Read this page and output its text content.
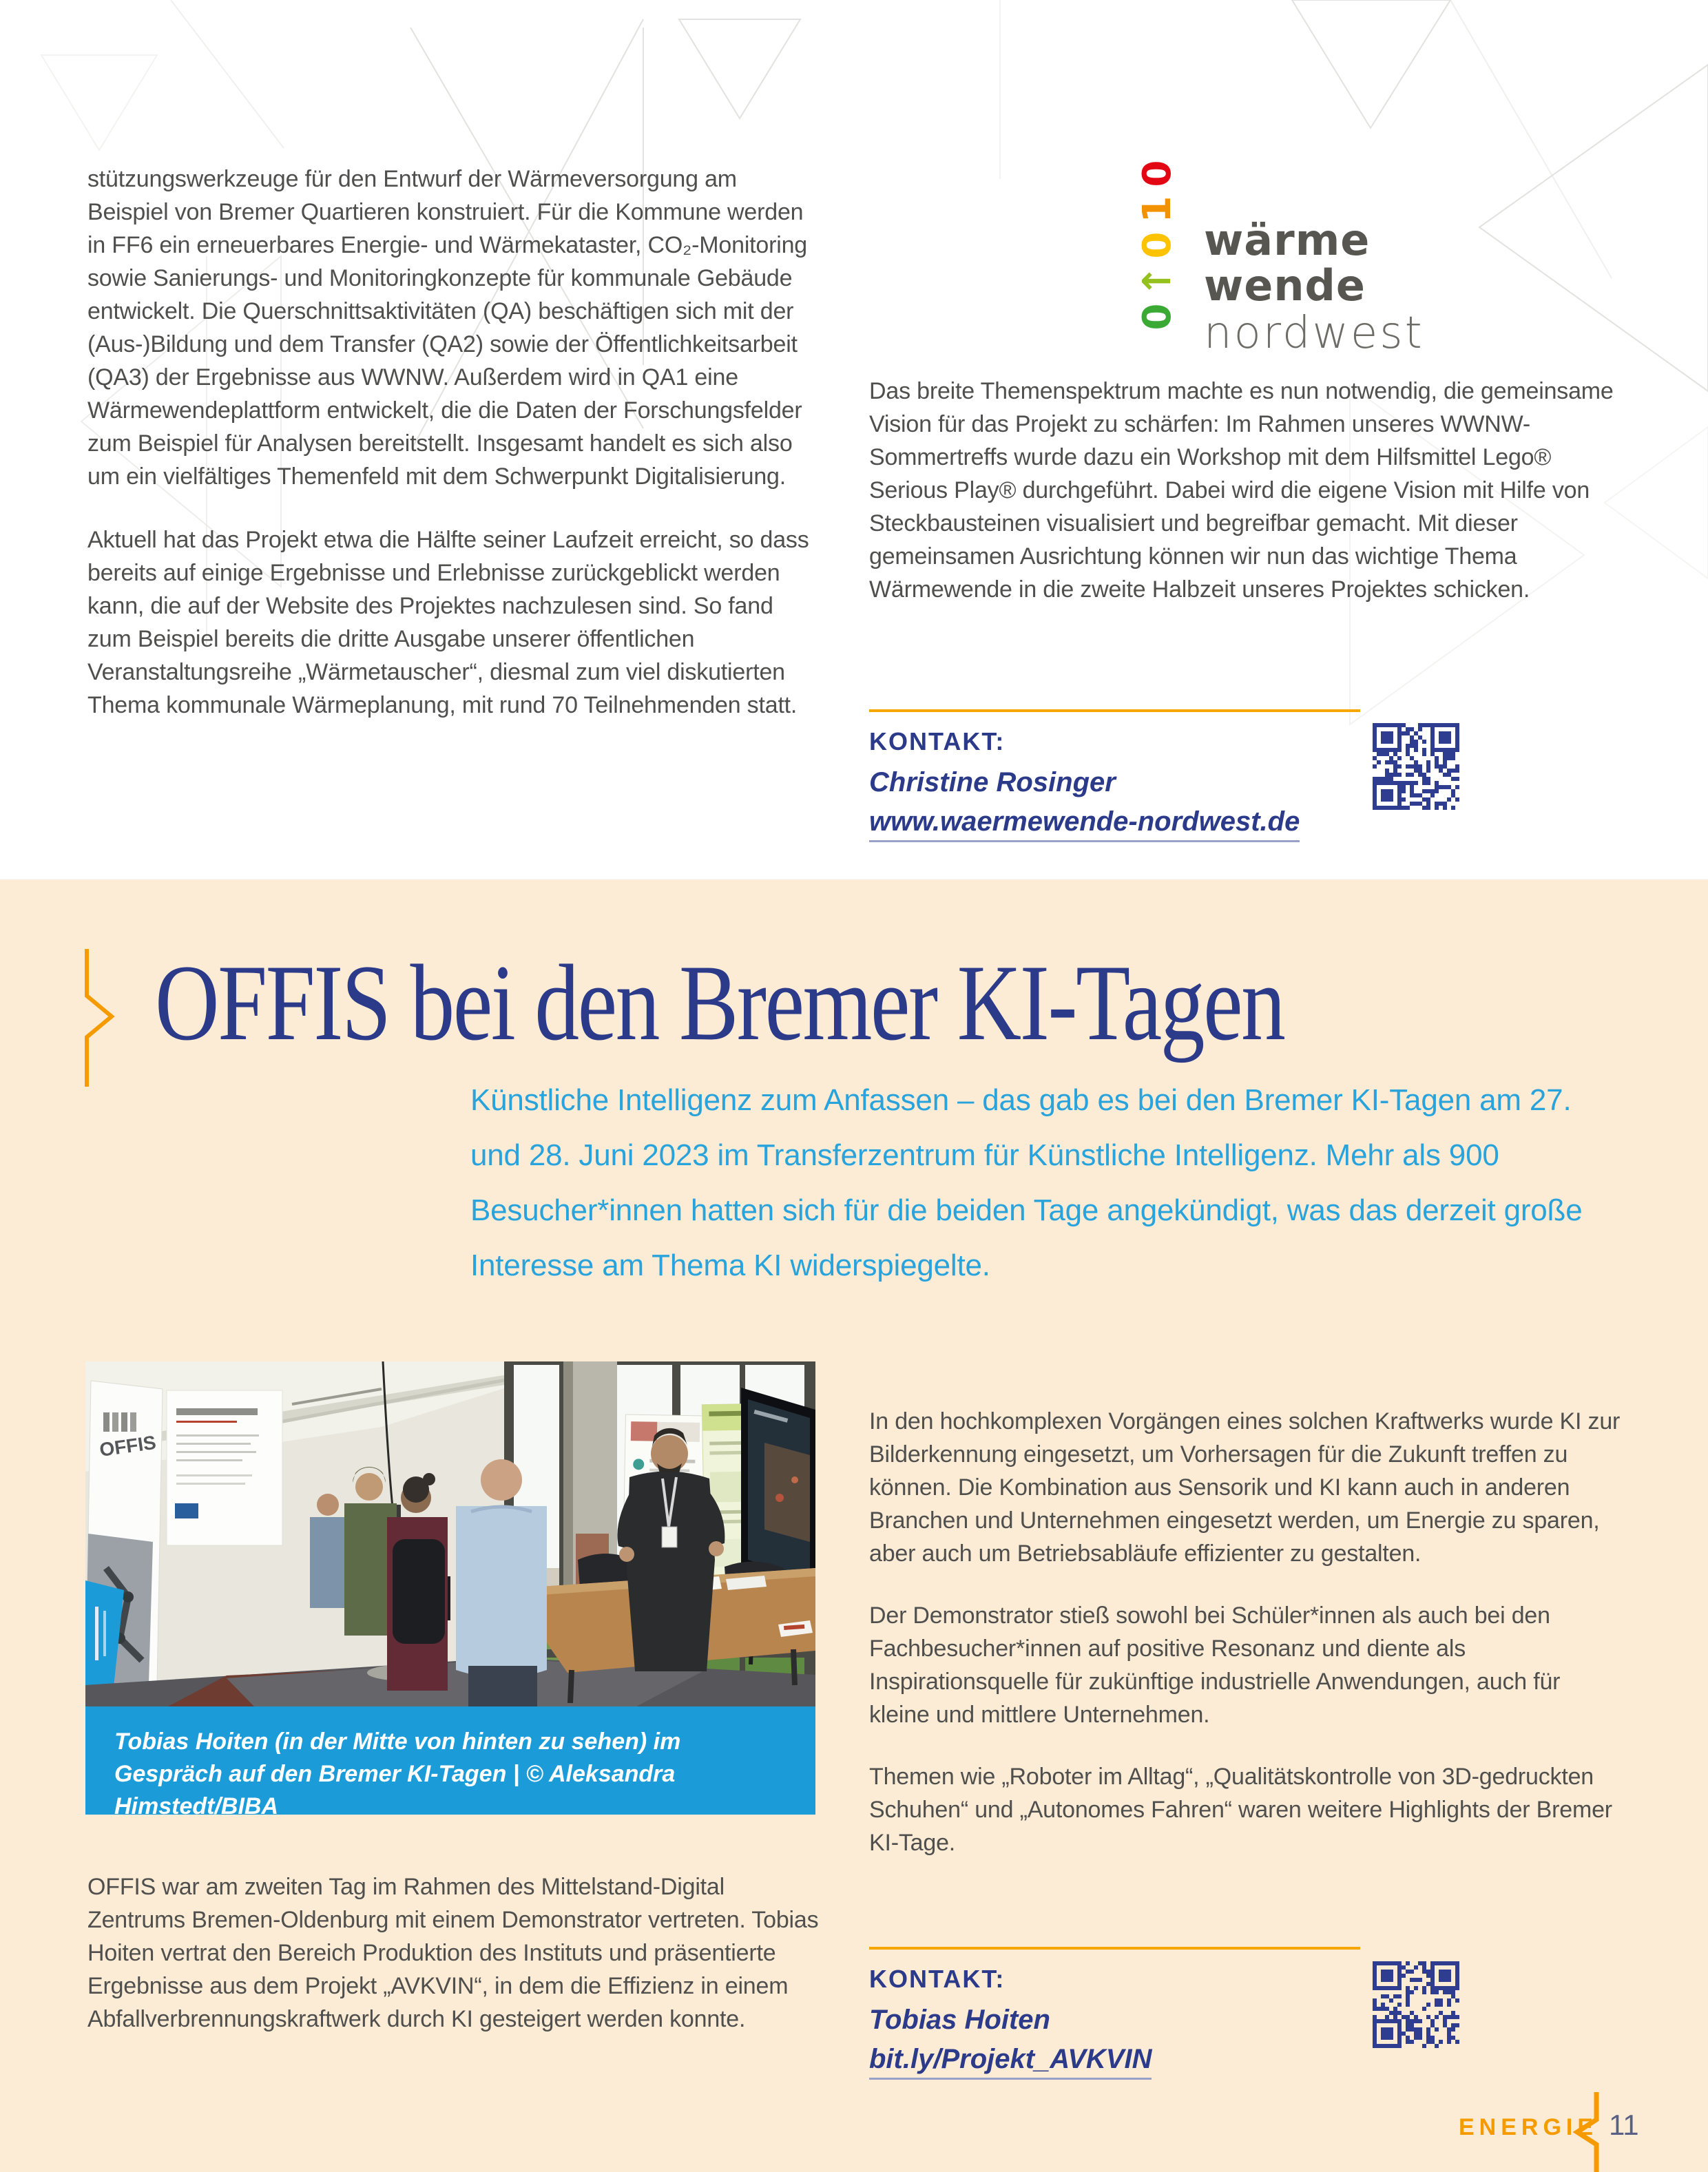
stützungswerkzeuge für den Entwurf der Wärmeversorgung am Beispiel von Bremer Quartieren konstruiert. Für die Kommune werden in FF6 ein erneuerbares Energie- und Wärmekataster, CO₂-Monitoring sowie Sanierungs- und Monitoringkonzepte für kommunale Gebäude entwickelt. Die Querschnittsaktivitäten (QA) beschäftigen sich mit der (Aus-)Bildung und dem Transfer (QA2) sowie der Öffentlichkeitsarbeit (QA3) der Ergebnisse aus WWNW. Außerdem wird in QA1 eine Wärmewendeplattform entwickelt, die die Daten der Forschungsfelder zum Beispiel für Analysen bereitstellt. Insgesamt handelt es sich also um ein vielfältiges Themenfeld mit dem Schwerpunkt Digitalisierung.

Aktuell hat das Projekt etwa die Hälfte seiner Laufzeit erreicht, so dass bereits auf einige Ergebnisse und Erlebnisse zurückgeblickt werden kann, die auf der Website des Projektes nachzulesen sind. So fand zum Beispiel bereits die dritte Ausgabe unserer öffentlichen Veranstaltungsreihe „Wärmetauscher“, diesmal zum viel diskutierten Thema kommunale Wärmeplanung, mit rund 70 Teilnehmenden statt.

0
1
0
↑
0
wärme
wende
nordwest

Das breite Themenspektrum machte es nun notwendig, die gemeinsame Vision für das Projekt zu schärfen: Im Rahmen unseres WWNW-Sommertreffs wurde dazu ein Workshop mit dem Hilfsmittel Lego® Serious Play® durchgeführt. Dabei wird die eigene Vision mit Hilfe von Steckbausteinen visualisiert und begreifbar gemacht. Mit dieser gemeinsamen Ausrichtung können wir nun das wichtige Thema Wärmewende in die zweite Halbzeit unseres Projektes schicken.

KONTAKT:
Christine Rosinger
www.waermewende-nordwest.de
OFFIS bei den Bremer KI-Tagen
Künstliche Intelligenz zum Anfassen – das gab es bei den Bremer KI-Tagen am 27. und 28. Juni 2023 im Transferzentrum für Künstliche Intelligenz. Mehr als 900 Besucher*innen hatten sich für die beiden Tage angekündigt, was das derzeit große Interesse am Thema KI widerspiegelte.
OFFIS
Tobias Hoiten (in der Mitte von hinten zu sehen) im Gespräch auf den Bremer KI-Tagen | © Aleksandra Himstedt/BIBA

OFFIS war am zweiten Tag im Rahmen des Mittelstand-Digital Zentrums Bremen-Oldenburg mit einem Demonstrator vertreten. Tobias Hoiten vertrat den Bereich Produktion des Instituts und präsentierte Ergebnisse aus dem Projekt „AVKVIN“, in dem die Effizienz in einem Abfallverbrennungskraftwerk durch KI gesteigert werden konnte.

In den hochkomplexen Vorgängen eines solchen Kraftwerks wurde KI zur Bilderkennung eingesetzt, um Vorhersagen für die Zukunft treffen zu können. Die Kombination aus Sensorik und KI kann auch in anderen Branchen und Unternehmen eingesetzt werden, um Energie zu sparen, aber auch um Betriebsabläufe effizienter zu gestalten.

Der Demonstrator stieß sowohl bei Schüler*innen als auch bei den Fachbesucher*innen auf positive Resonanz und diente als Inspirationsquelle für zukünftige industrielle Anwendungen, auch für kleine und mittlere Unternehmen.

Themen wie „Roboter im Alltag“, „Qualitätskontrolle von 3D-gedruckten Schuhen“ und „Autonomes Fahren“ waren weitere Highlights der Bremer KI-Tage.

KONTAKT:
Tobias Hoiten
bit.ly/Projekt_AVKVIN
ENERGIE 11
